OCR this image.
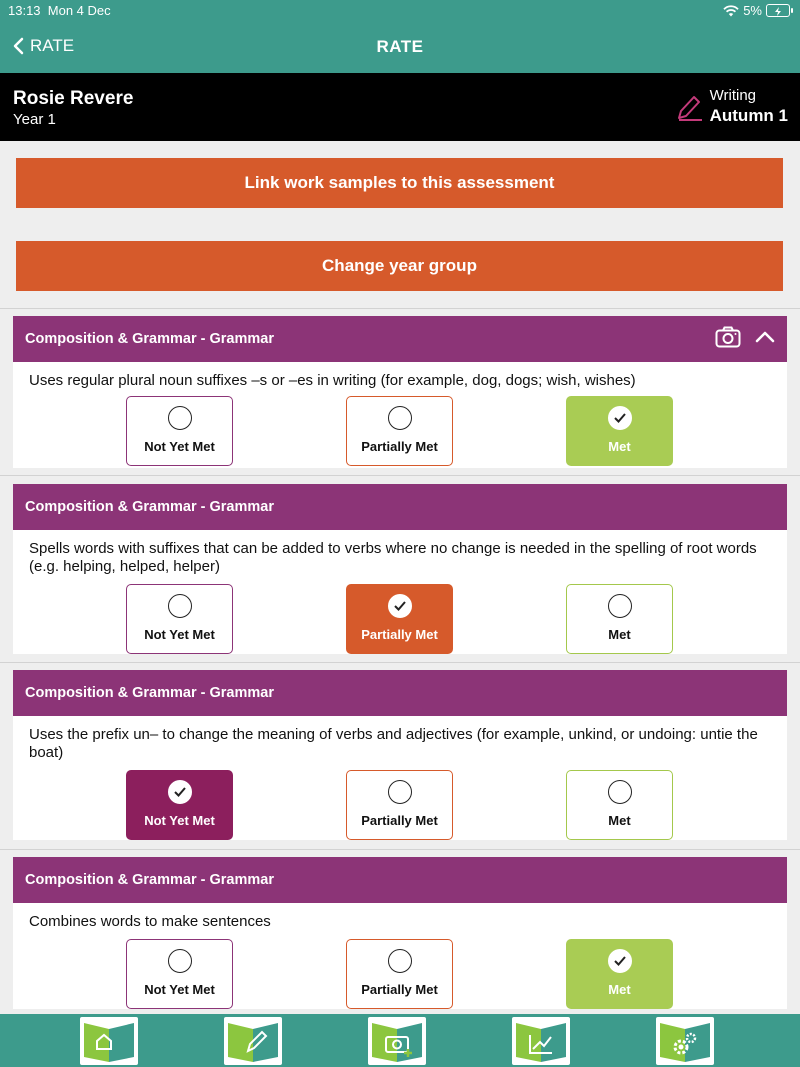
13:13 Mon 4 Dec	5%
RATE	RATE
Rosie Revere
Year 1
Writing
Autumn 1
Link work samples to this assessment
Change year group
Composition & Grammar - Grammar
Uses regular plural noun suffixes –s or –es in writing (for example, dog, dogs; wish, wishes)
Not Yet Met	Partially Met	Met
Composition & Grammar - Grammar
Spells words with suffixes that can be added to verbs where no change is needed in the spelling of root words (e.g. helping, helped, helper)
Not Yet Met	Partially Met	Met
Composition & Grammar - Grammar
Uses the prefix un– to change the meaning of verbs and adjectives (for example, unkind, or undoing: untie the boat)
Not Yet Met	Partially Met	Met
Composition & Grammar - Grammar
Combines words to make sentences
Not Yet Met	Partially Met	Met
